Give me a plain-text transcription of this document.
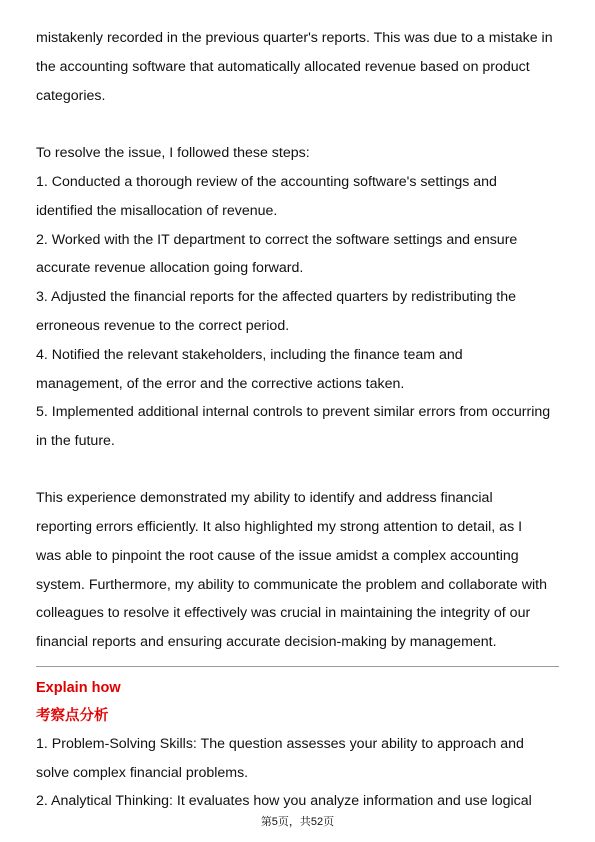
mistakenly recorded in the previous quarter's reports. This was due to a mistake in
the accounting software that automatically allocated revenue based on product
categories.
To resolve the issue, I followed these steps:
1. Conducted a thorough review of the accounting software's settings and
identified the misallocation of revenue.
2. Worked with the IT department to correct the software settings and ensure
accurate revenue allocation going forward.
3. Adjusted the financial reports for the affected quarters by redistributing the
erroneous revenue to the correct period.
4. Notified the relevant stakeholders, including the finance team and
management, of the error and the corrective actions taken.
5. Implemented additional internal controls to prevent similar errors from occurring
in the future.
This experience demonstrated my ability to identify and address financial
reporting errors efficiently. It also highlighted my strong attention to detail, as I
was able to pinpoint the root cause of the issue amidst a complex accounting
system. Furthermore, my ability to communicate the problem and collaborate with
colleagues to resolve it effectively was crucial in maintaining the integrity of our
financial reports and ensuring accurate decision-making by management.
Explain how
考察点分析
1. Problem-Solving Skills: The question assesses your ability to approach and
solve complex financial problems.
2. Analytical Thinking: It evaluates how you analyze information and use logical
第5页，共52页
